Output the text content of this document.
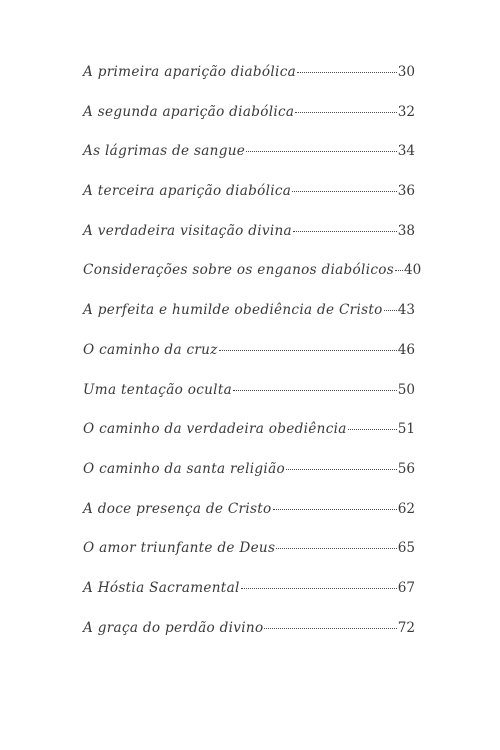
A primeira aparição diabólica	30
A segunda aparição diabólica	32
As lágrimas de sangue	34
A terceira aparição diabólica	36
A verdadeira visitação divina	38
Considerações sobre os enganos diabólicos 40
A perfeita e humilde obediência de Cristo 43
O caminho da cruz	46
Uma tentação oculta	50
O caminho da verdadeira obediência	51
O caminho da santa religião	56
A doce presença de Cristo	62
O amor triunfante de Deus	65
A Hóstia Sacramental	67
A graça do perdão divino	72
